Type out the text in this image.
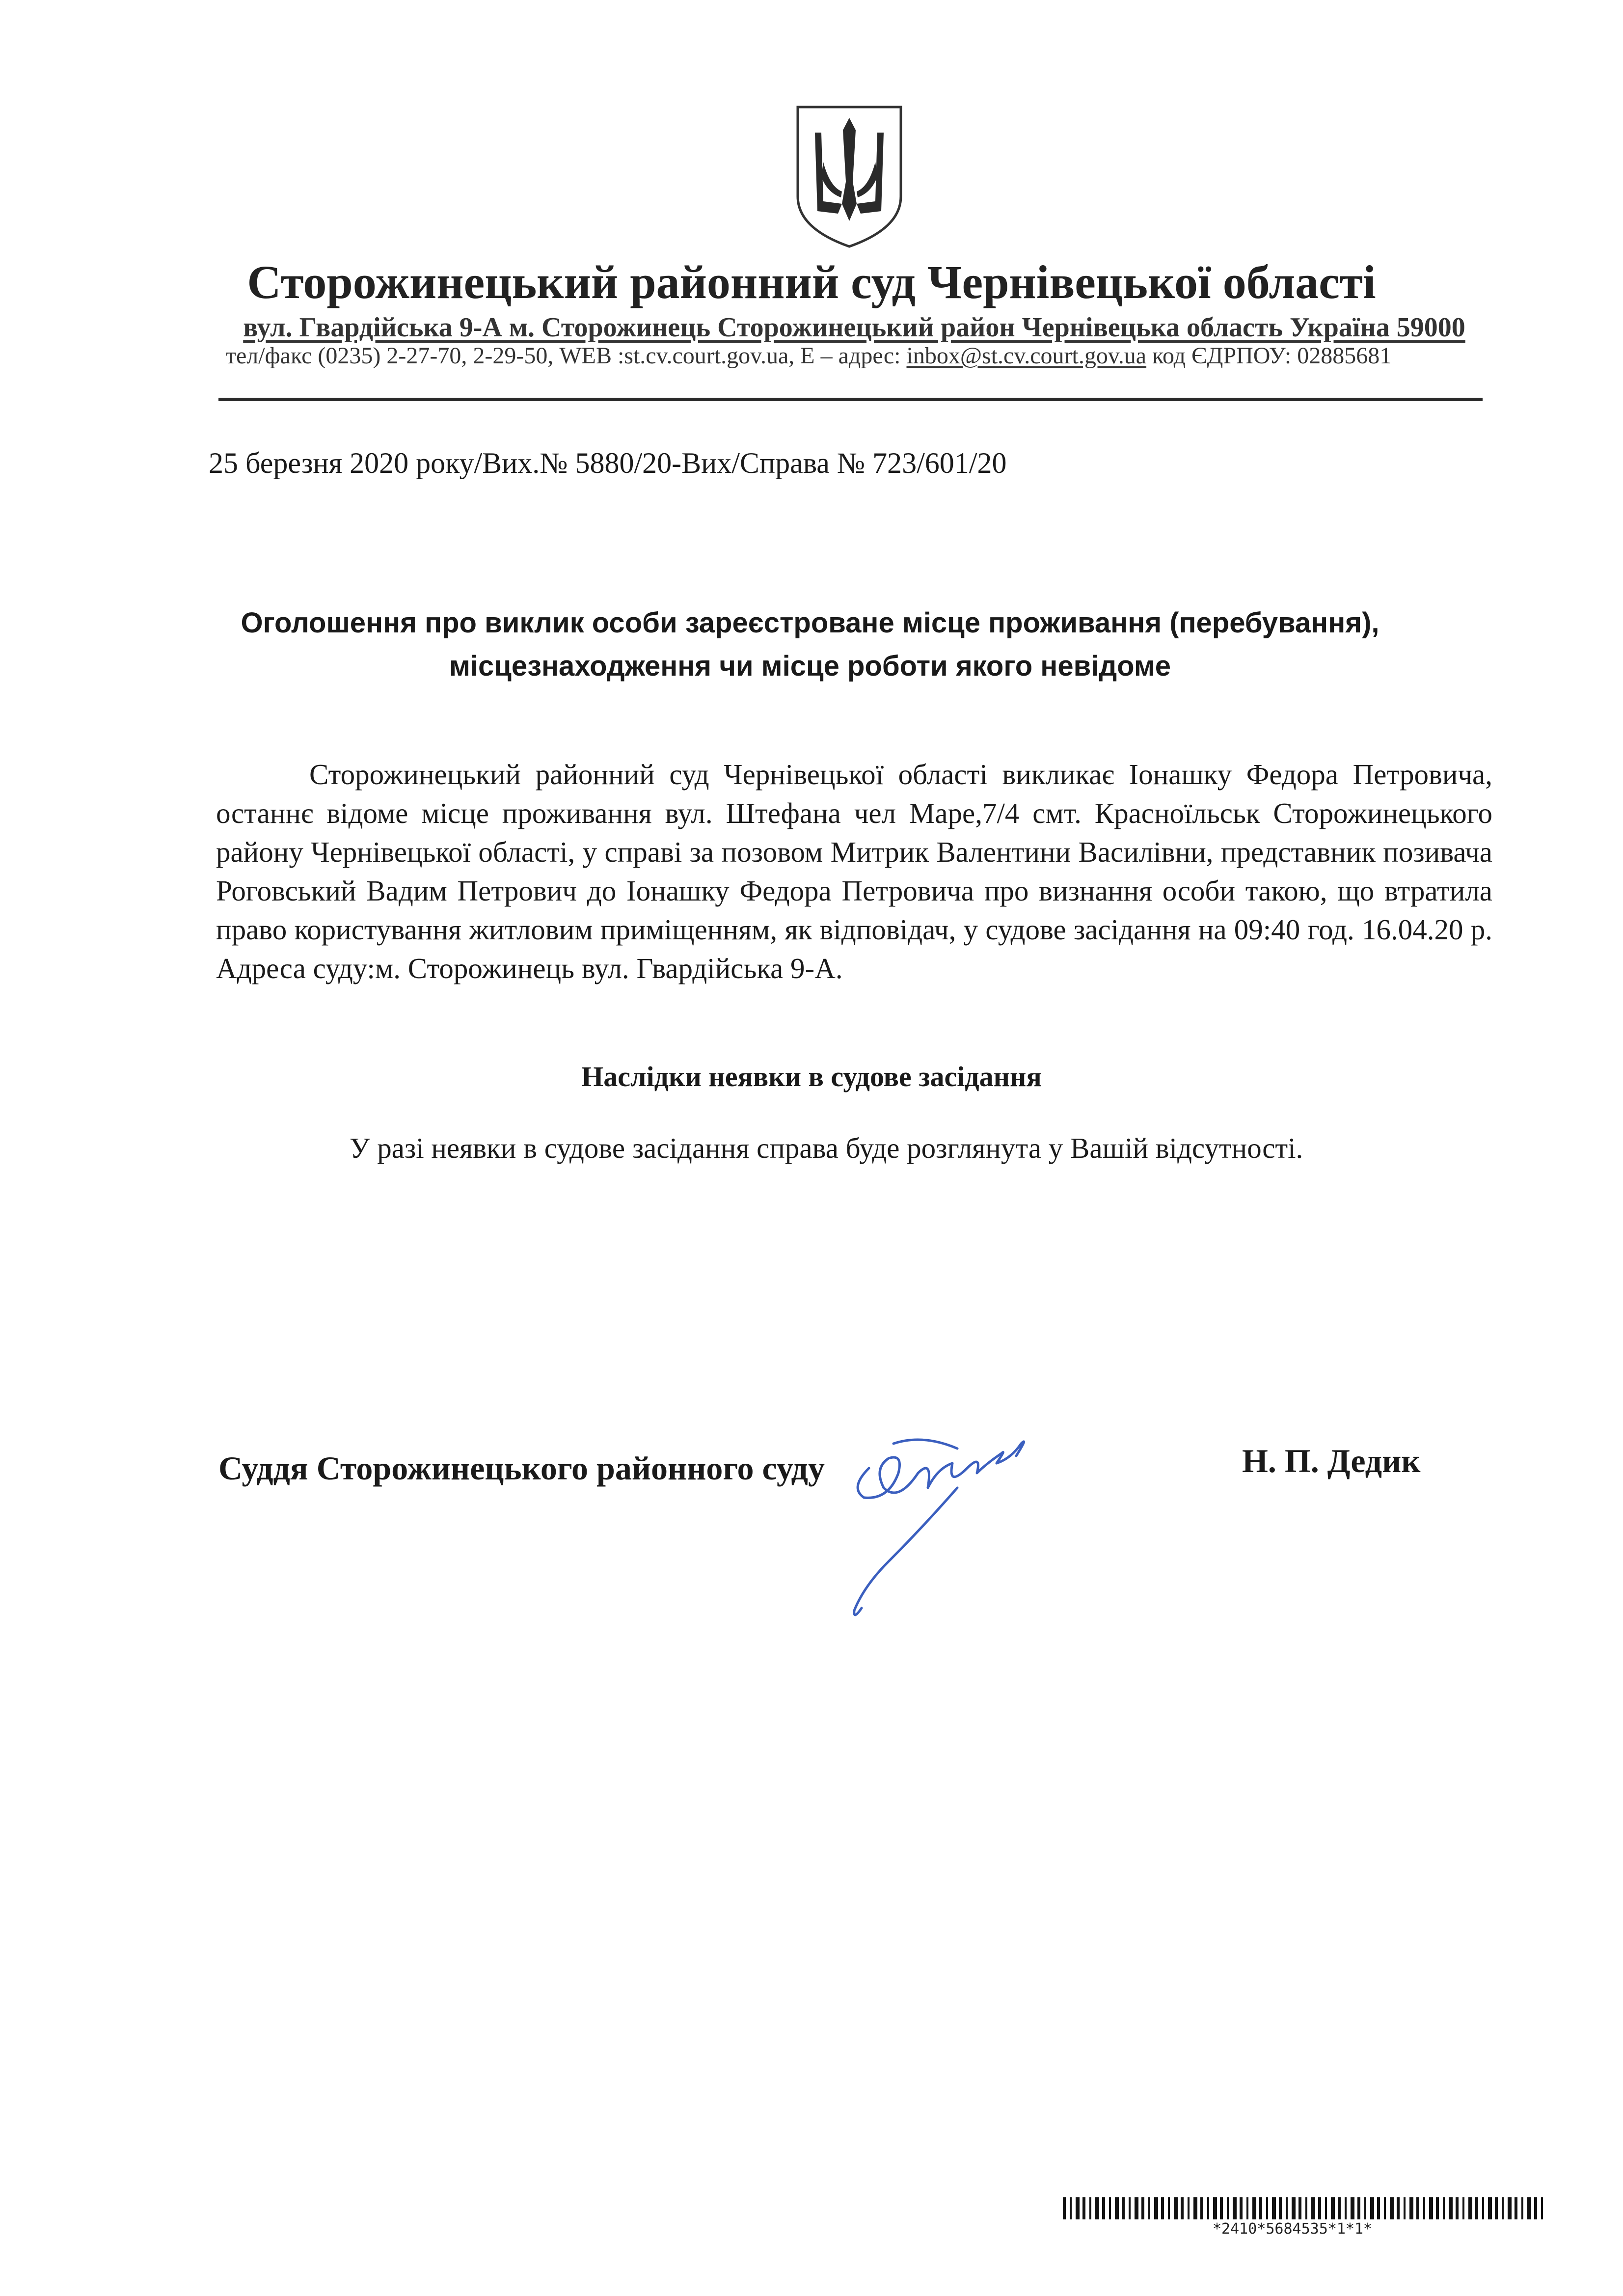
Сторожинецький районний суд Чернівецької області
вул. Гвардійська 9-А м. Сторожинець Сторожинецький район Чернівецька область Україна 59000
тел/факс (0235) 2-27-70, 2-29-50, WEB :st.cv.court.gov.ua, Е – адрес: inbox@st.cv.court.gov.ua код ЄДРПОУ: 02885681
25 березня 2020 року/Вих.№ 5880/20-Вих/Справа № 723/601/20
Оголошення про виклик особи зареєстроване місце проживання (перебування),
місцезнаходження чи місце роботи якого невідоме
Сторожинецький районний суд Чернівецької області викликає Іонашку Федора Петровича, останнє відоме місце проживання вул. Штефана чел Маре,7/4 смт. Красноїльськ Сторожинецького району Чернівецької області, у справі за позовом Митрик Валентини Василівни, представник позивача Роговський Вадим Петрович до Іонашку Федора Петровича про визнання особи такою, що втратила право користування житловим приміщенням, як відповідач, у судове засідання на 09:40 год. 16.04.20 р. Адреса суду:м. Сторожинець вул. Гвардійська 9-А.
Наслідки неявки в судове засідання
У разі неявки в судове засідання справа буде розглянута у Вашій відсутності.
Суддя Сторожинецького районного суду	Н. П. Дедик
*2410*5684535*1*1*
